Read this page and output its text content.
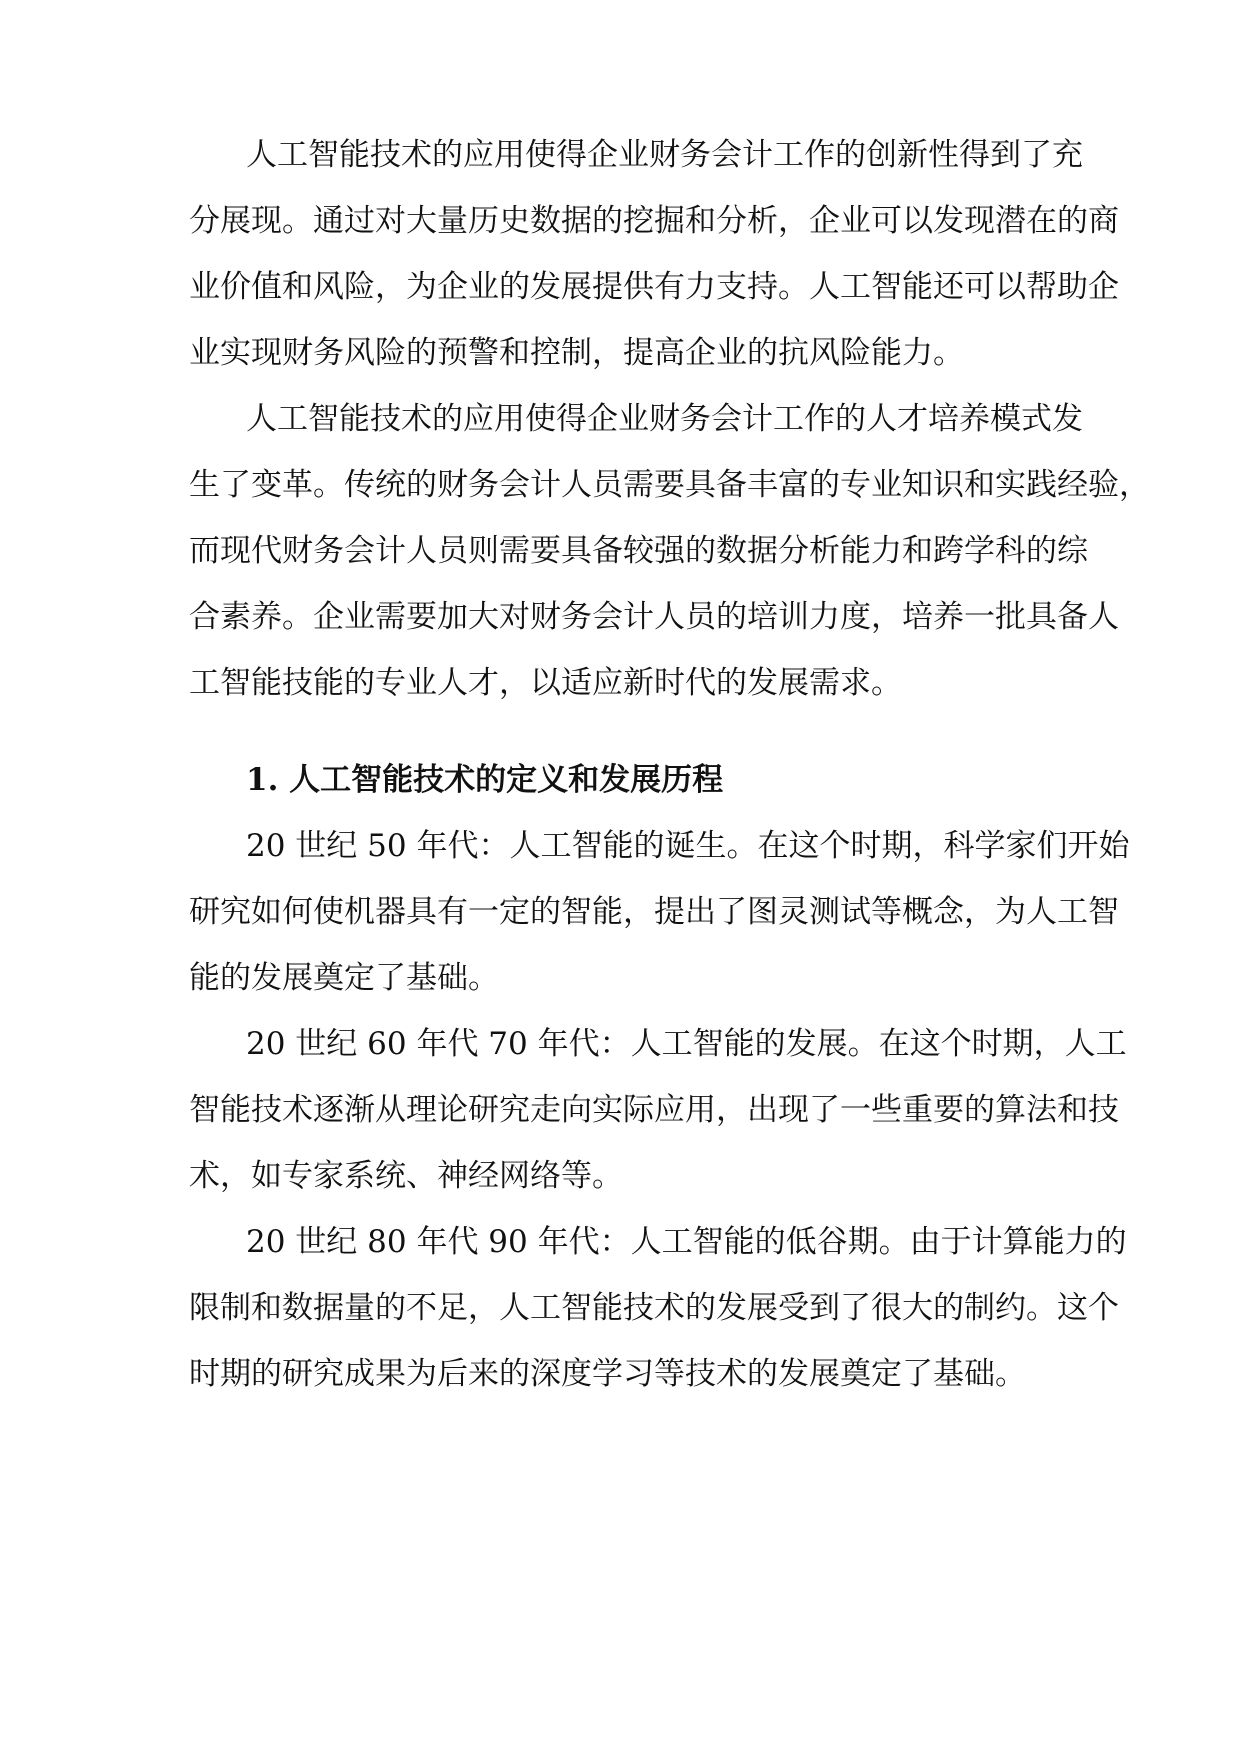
人工智能技术的应用使得企业财务会计工作的创新性得到了充
分展现。通过对大量历史数据的挖掘和分析，企业可以发现潜在的商
业价值和风险，为企业的发展提供有力支持。人工智能还可以帮助企
业实现财务风险的预警和控制，提高企业的抗风险能力。
人工智能技术的应用使得企业财务会计工作的人才培养模式发
生了变革。传统的财务会计人员需要具备丰富的专业知识和实践经验，
而现代财务会计人员则需要具备较强的数据分析能力和跨学科的综
合素养。企业需要加大对财务会计人员的培训力度，培养一批具备人
工智能技能的专业人才，以适应新时代的发展需求。
1. 人工智能技术的定义和发展历程
20 世纪 50 年代：人工智能的诞生。在这个时期，科学家们开始
研究如何使机器具有一定的智能，提出了图灵测试等概念，为人工智
能的发展奠定了基础。
20 世纪 60 年代 70 年代：人工智能的发展。在这个时期，人工
智能技术逐渐从理论研究走向实际应用，出现了一些重要的算法和技
术，如专家系统、神经网络等。
20 世纪 80 年代 90 年代：人工智能的低谷期。由于计算能力的
限制和数据量的不足，人工智能技术的发展受到了很大的制约。这个
时期的研究成果为后来的深度学习等技术的发展奠定了基础。
